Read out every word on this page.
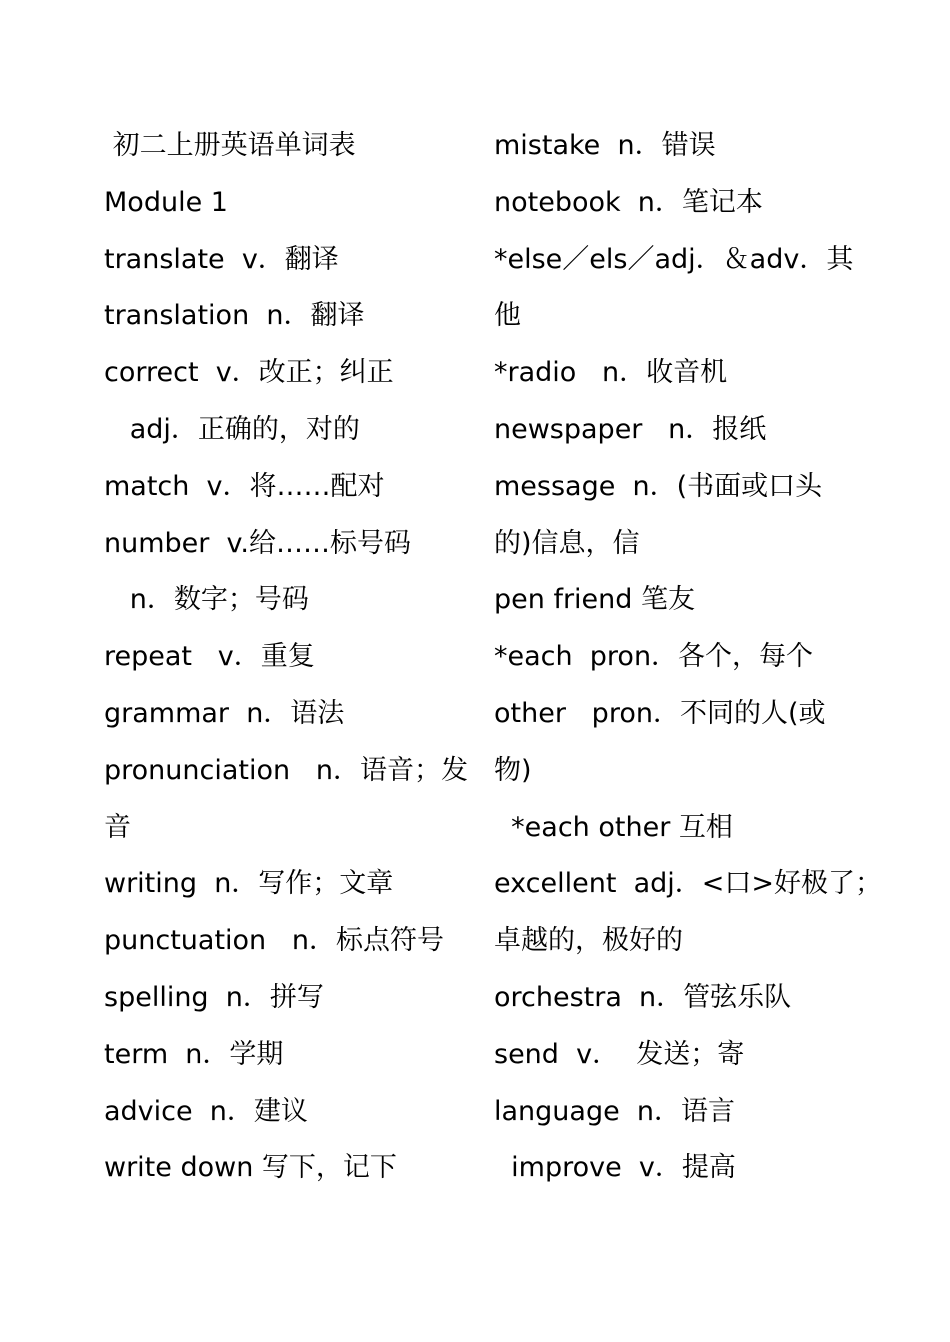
初二上册英语单词表
Module 1
translate  v．翻译
translation  n．翻译
correct  v．改正；纠正
adj．正确的，对的
match  v．将……配对
number  v.给……标号码
n．数字；号码
repeat   v．重复
grammar  n．语法
pronunciation   n．语音；发
音
writing  n．写作；文章
punctuation   n．标点符号
spelling  n．拼写
term  n．学期
advice  n．建议
write down 写下，记下
mistake  n．错误
notebook  n．笔记本
*else／els／adj．＆adv．其
他
*radio   n．收音机
newspaper   n．报纸
message  n．(书面或口头
的)信息，信
pen friend 笔友
*each  pron．各个，每个
other   pron．不同的人(或
物)
*each other 互相
excellent  adj．<口>好极了；
卓越的，极好的
orchestra  n．管弦乐队
send  v．  发送；寄
language  n．语言
improve  v．提高
